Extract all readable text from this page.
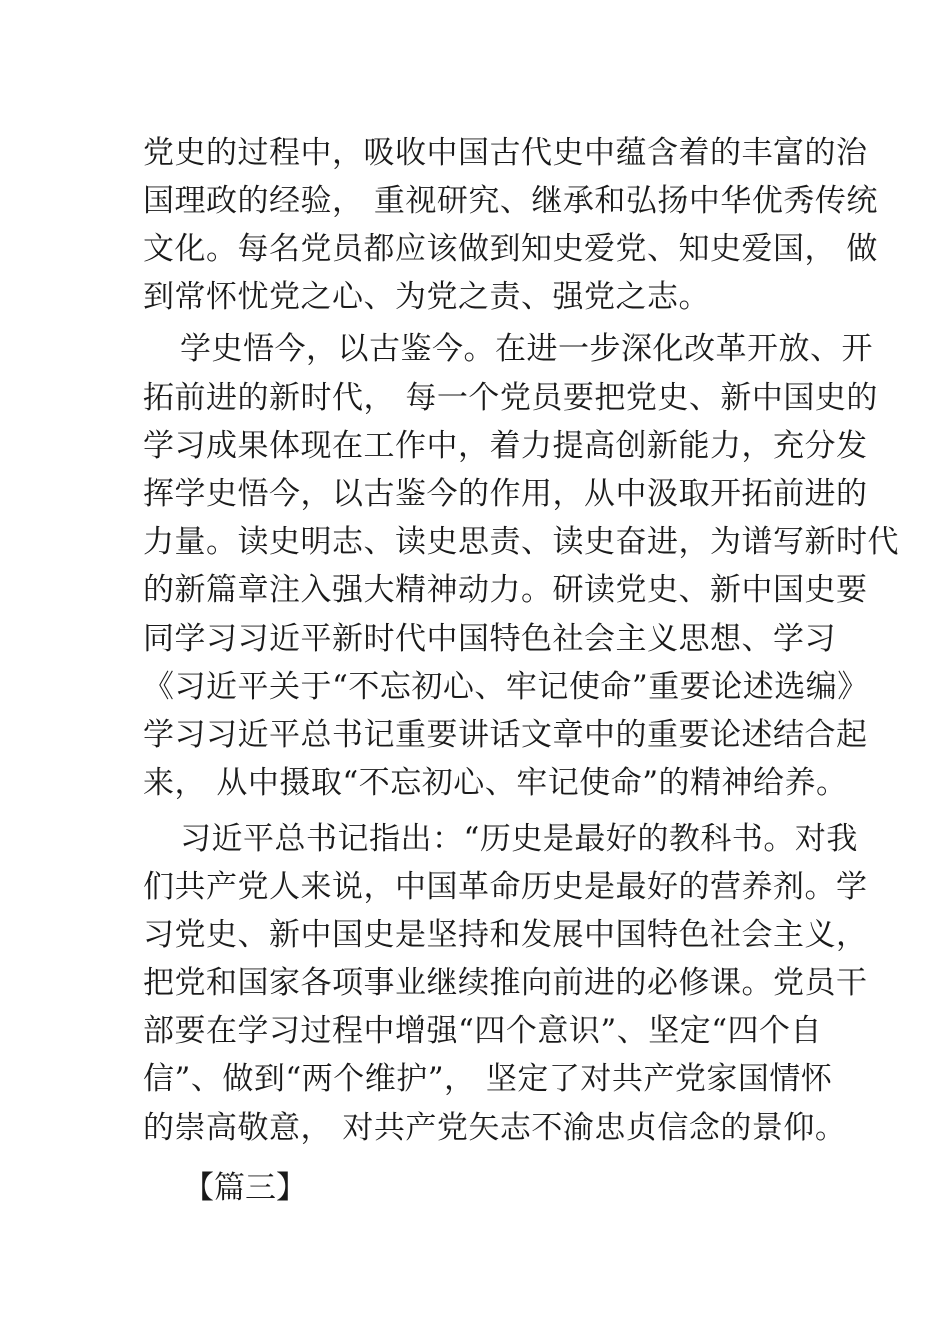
党史的过程中，吸收中国古代史中蕴含着的丰富的治
国理政的经验， 重视研究、继承和弘扬中华优秀传统
文化。每名党员都应该做到知史爱党、知史爱国， 做
到常怀忧党之心、为党之责、强党之志。
学史悟今，以古鉴今。在进一步深化改革开放、开
拓前进的新时代， 每一个党员要把党史、新中国史的
学习成果体现在工作中，着力提高创新能力，充分发
挥学史悟今，以古鉴今的作用，从中汲取开拓前进的
力量。读史明志、读史思责、读史奋进，为谱写新时代
的新篇章注入强大精神动力。研读党史、新中国史要
同学习习近平新时代中国特色社会主义思想、学习
《习近平关于“不忘初心、牢记使命”重要论述选编》
学习习近平总书记重要讲话文章中的重要论述结合起
来， 从中摄取“不忘初心、牢记使命”的精神给养。
习近平总书记指出：“历史是最好的教科书。对我
们共产党人来说，中国革命历史是最好的营养剂。学
习党史、新中国史是坚持和发展中国特色社会主义，
把党和国家各项事业继续推向前进的必修课。党员干
部要在学习过程中增强“四个意识”、坚定“四个自
信”、做到“两个维护”， 坚定了对共产党家国情怀
的崇高敬意， 对共产党矢志不渝忠贞信念的景仰。
【篇三】
